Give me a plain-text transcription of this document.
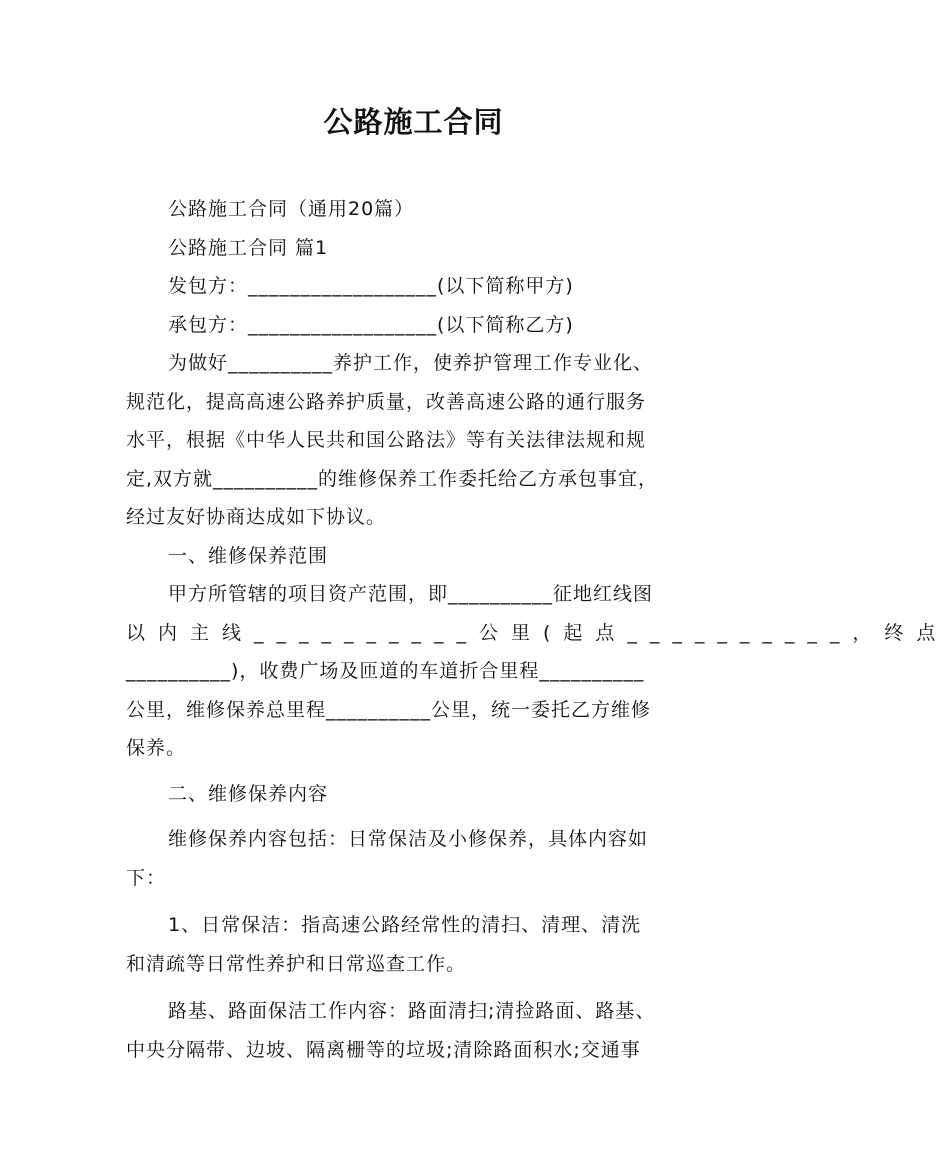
公路施工合同

公路施工合同（通用20篇）

公路施工合同 篇1

发包方：__________________(以下简称甲方)

承包方：__________________(以下简称乙方)

为做好__________养护工作，使养护管理工作专业化、

规范化，提高高速公路养护质量，改善高速公路的通行服务

水平，根据《中华人民共和国公路法》等有关法律法规和规

定,双方就__________的维修保养工作委托给乙方承包事宜，

经过友好协商达成如下协议。

一、维修保养范围

甲方所管辖的项目资产范围，即__________征地红线图

以内主线__________公里(起点__________，终点

__________)，收费广场及匝道的车道折合里程__________

公里，维修保养总里程__________公里，统一委托乙方维修

保养。

二、维修保养内容

维修保养内容包括：日常保洁及小修保养，具体内容如

下：

1、日常保洁：指高速公路经常性的清扫、清理、清洗

和清疏等日常性养护和日常巡查工作。

路基、路面保洁工作内容：路面清扫;清捡路面、路基、

中央分隔带、边坡、隔离栅等的垃圾;清除路面积水;交通事
